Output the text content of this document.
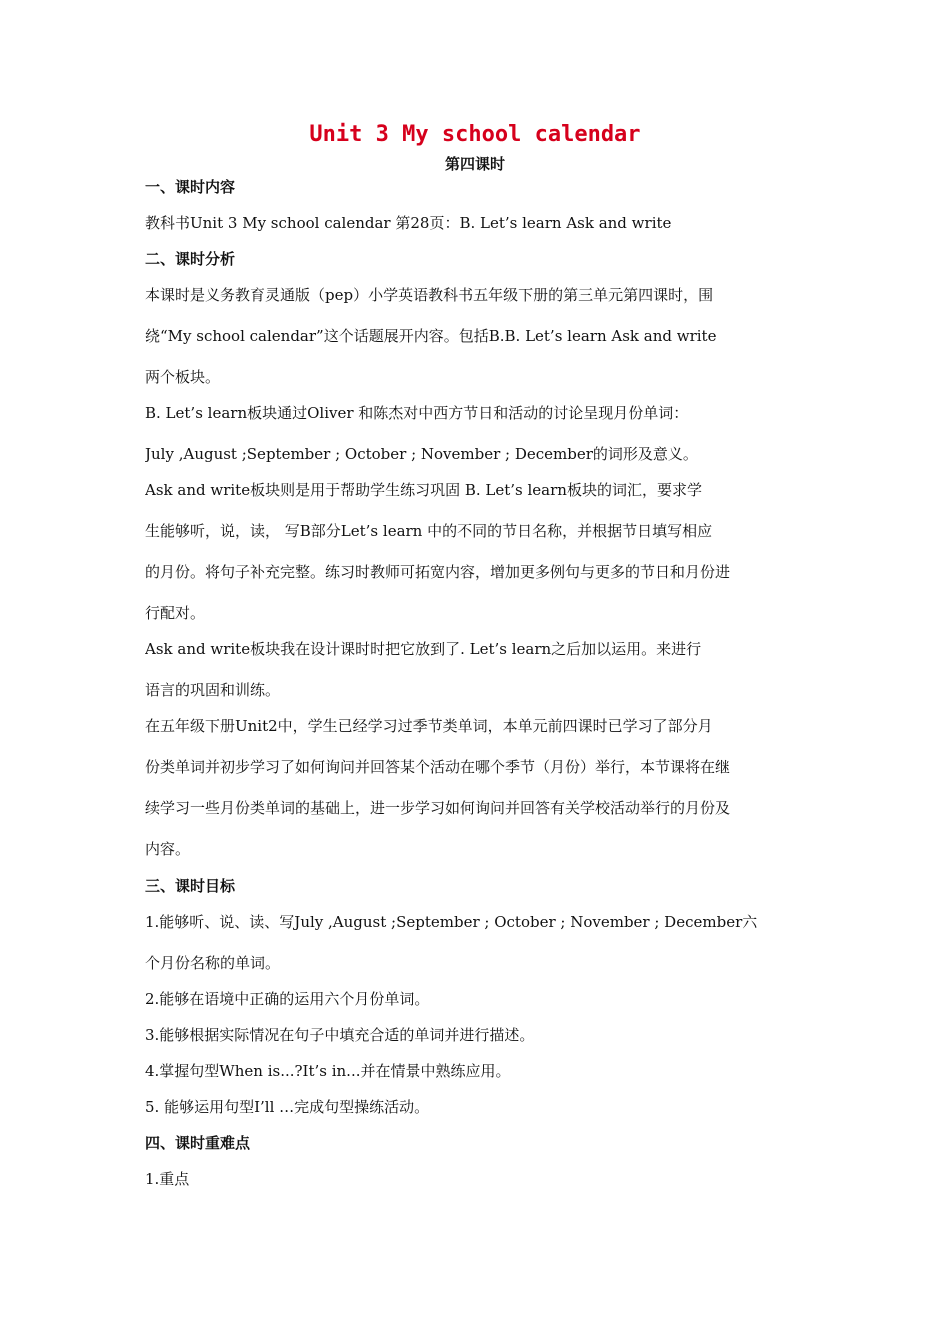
Unit 3 My school calendar
第四课时
一、课时内容
教科书Unit 3 My school calendar 第28页：B. Let’s learn Ask and write
二、课时分析
本课时是义务教育灵通版（pep）小学英语教科书五年级下册的第三单元第四课时，围
绕“My school calendar”这个话题展开内容。包括B.B. Let’s learn Ask and write
两个板块。
B. Let’s learn板块通过Oliver 和陈杰对中西方节日和活动的讨论呈现月份单词：
July ,August ;September ; October ; November ; December的词形及意义。
Ask and write板块则是用于帮助学生练习巩固 B. Let’s learn板块的词汇，要求学
生能够听，说，读， 写B部分Let’s learn 中的不同的节日名称，并根据节日填写相应
的月份。将句子补充完整。练习时教师可拓宽内容，增加更多例句与更多的节日和月份进
行配对。
Ask and write板块我在设计课时时把它放到了. Let’s learn之后加以运用。来进行
语言的巩固和训练。
在五年级下册Unit2中，学生已经学习过季节类单词，本单元前四课时已学习了部分月
份类单词并初步学习了如何询问并回答某个活动在哪个季节（月份）举行，本节课将在继
续学习一些月份类单词的基础上，进一步学习如何询问并回答有关学校活动举行的月份及
内容。
三、课时目标
1.能够听、说、读、写July ,August ;September ; October ; November ; December六
个月份名称的单词。
2.能够在语境中正确的运用六个月份单词。
3.能够根据实际情况在句子中填充合适的单词并进行描述。
4.掌握句型When is...?It’s in...并在情景中熟练应用。
5. 能够运用句型I’ll …完成句型操练活动。
四、课时重难点
1.重点
